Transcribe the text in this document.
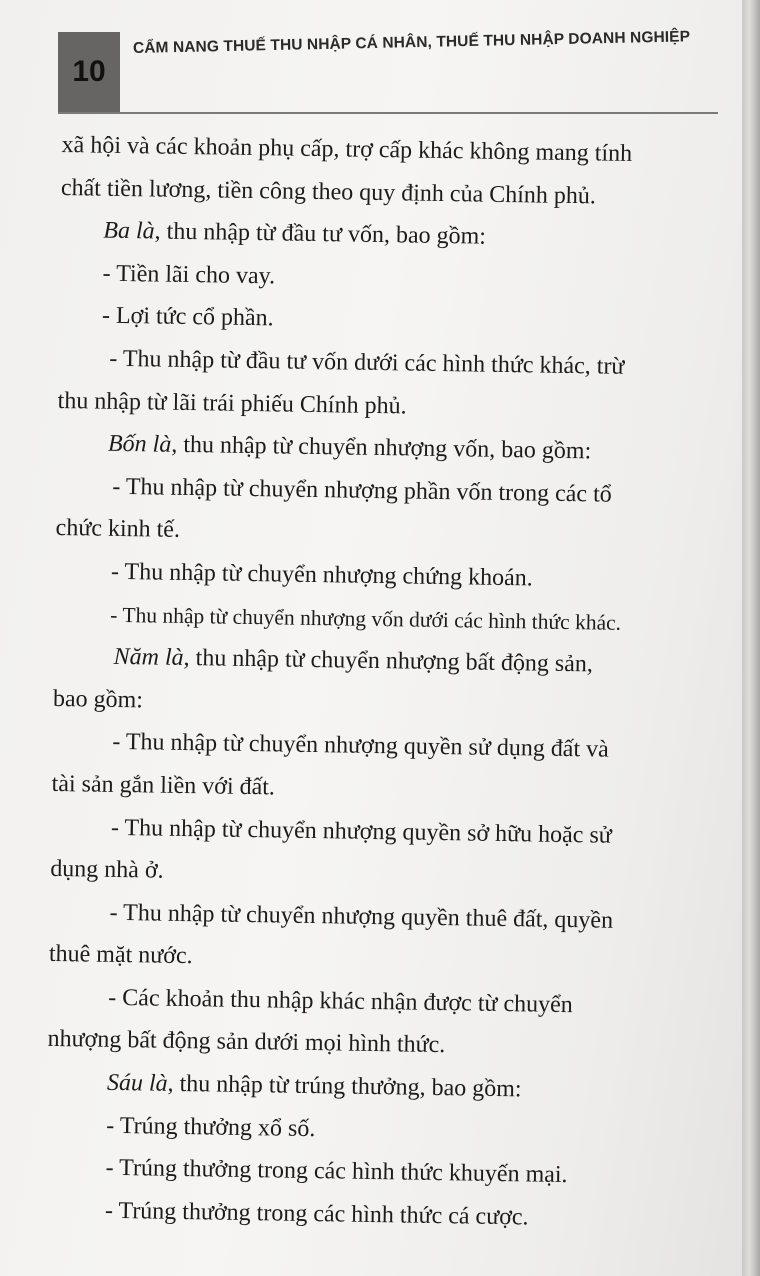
10
CẨM NANG THUẾ THU NHẬP CÁ NHÂN, THUẾ THU NHẬP DOANH NGHIỆP
xã hội và các khoản phụ cấp, trợ cấp khác không mang tính
chất tiền lương, tiền công theo quy định của Chính phủ.
Ba là, thu nhập từ đầu tư vốn, bao gồm:
- Tiền lãi cho vay.
- Lợi tức cổ phần.
- Thu nhập từ đầu tư vốn dưới các hình thức khác, trừ
thu nhập từ lãi trái phiếu Chính phủ.
Bốn là, thu nhập từ chuyển nhượng vốn, bao gồm:
- Thu nhập từ chuyển nhượng phần vốn trong các tổ
chức kinh tế.
- Thu nhập từ chuyển nhượng chứng khoán.
- Thu nhập từ chuyển nhượng vốn dưới các hình thức khác.
Năm là, thu nhập từ chuyển nhượng bất động sản,
bao gồm:
- Thu nhập từ chuyển nhượng quyền sử dụng đất và
tài sản gắn liền với đất.
- Thu nhập từ chuyển nhượng quyền sở hữu hoặc sử
dụng nhà ở.
- Thu nhập từ chuyển nhượng quyền thuê đất, quyền
thuê mặt nước.
- Các khoản thu nhập khác nhận được từ chuyển
nhượng bất động sản dưới mọi hình thức.
Sáu là, thu nhập từ trúng thưởng, bao gồm:
- Trúng thưởng xổ số.
- Trúng thưởng trong các hình thức khuyến mại.
- Trúng thưởng trong các hình thức cá cược.
